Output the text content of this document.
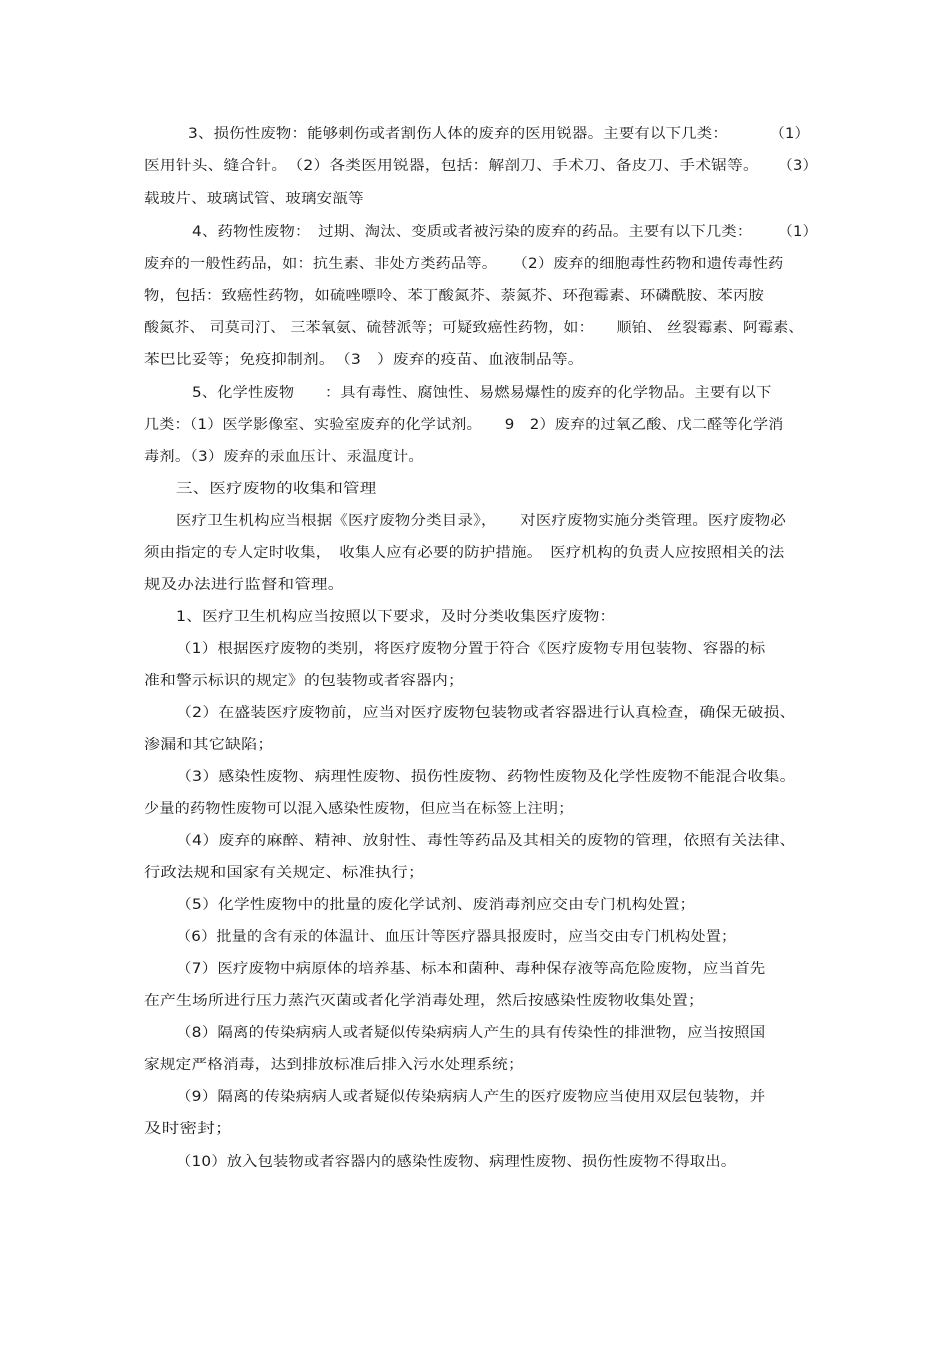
3、损伤性废物：能够刺伤或者割伤人体的废弃的医用锐器。主要有以下几类：	（1）
医用针头、缝合针。　（2）各类医用锐器，包括：解剖刀、手术刀、备皮刀、手术锯等。 （3）
载玻片、玻璃试管、玻璃安瓿等
4、药物性废物：　过期、淘汰、变质或者被污染的废弃的药品。主要有以下几类： （1）
废弃的一般性药品，如：抗生素、非处方类药品等。　　（2）废弃的细胞毒性药物和遗传毒性药
物，包括：致癌性药物，如硫唑嘌呤、苯丁酸氮芥、萘氮芥、环孢霉素、环磷酰胺、苯丙胺
酸氮芥、 司莫司汀、 三苯氧氨、硫替派等；可疑致癌性药物，如：　　顺铂、 丝裂霉素、阿霉素、
苯巴比妥等；免疫抑制剂。　（3　）废弃的疫苗、血液制品等。
5、化学性废物　　：具有毒性、腐蚀性、易燃易爆性的废弃的化学物品。主要有以下
几类：（1）医学影像室、实验室废弃的化学试剂。　　9　2）废弃的过氧乙酸、戊二醛等化学消
毒剂。（3）废弃的汞血压计、汞温度计。
三、医疗废物的收集和管理
医疗卫生机构应当根据《医疗废物分类目录》，　　对医疗废物实施分类管理。医疗废物必
须由指定的专人定时收集，　收集人应有必要的防护措施。　医疗机构的负责人应按照相关的法
规及办法进行监督和管理。
1、医疗卫生机构应当按照以下要求，及时分类收集医疗废物：
（1）根据医疗废物的类别，将医疗废物分置于符合《医疗废物专用包装物、容器的标
准和警示标识的规定》的包装物或者容器内；
（2）在盛装医疗废物前，应当对医疗废物包装物或者容器进行认真检查，确保无破损、
渗漏和其它缺陷；
（3）感染性废物、病理性废物、损伤性废物、药物性废物及化学性废物不能混合收集。
少量的药物性废物可以混入感染性废物，但应当在标签上注明；
（4）废弃的麻醉、精神、放射性、毒性等药品及其相关的废物的管理，依照有关法律、
行政法规和国家有关规定、标准执行；
（5）化学性废物中的批量的废化学试剂、废消毒剂应交由专门机构处置；
（6）批量的含有汞的体温计、血压计等医疗器具报废时，应当交由专门机构处置；
（7）医疗废物中病原体的培养基、标本和菌种、毒种保存液等高危险废物，应当首先
在产生场所进行压力蒸汽灭菌或者化学消毒处理，然后按感染性废物收集处置；
（8）隔离的传染病病人或者疑似传染病病人产生的具有传染性的排泄物，应当按照国
家规定严格消毒，达到排放标准后排入污水处理系统；
（9）隔离的传染病病人或者疑似传染病病人产生的医疗废物应当使用双层包装物，并
及时密封；
（10）放入包装物或者容器内的感染性废物、病理性废物、损伤性废物不得取出。
